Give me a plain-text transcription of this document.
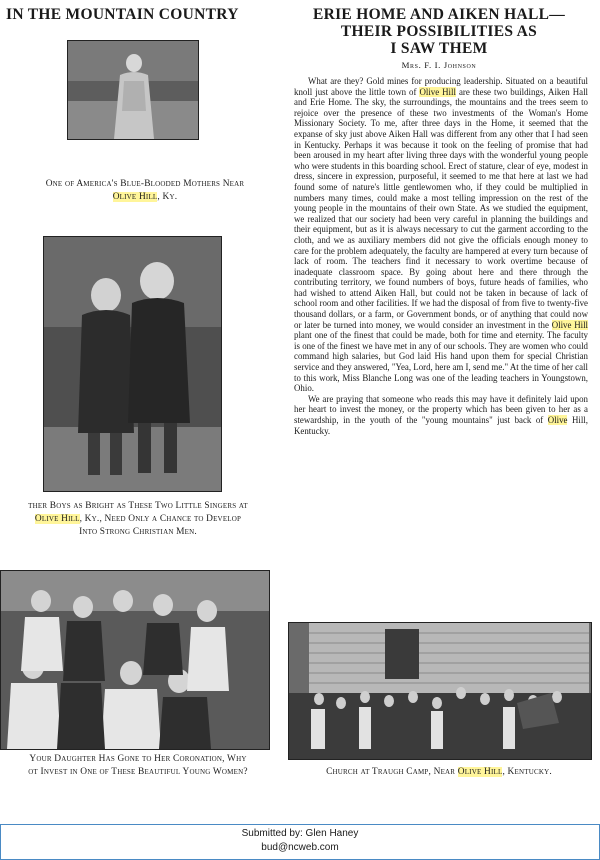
IN THE MOUNTAIN COUNTRY
One of America's Blue-Blooded Mothers Near
Olive Hill, Ky.
ther Boys as Bright as These Two Little Singers at
Olive Hill, Ky., Need Only a Chance to Develop
Into Strong Christian Men.
Your Daughter Has Gone to Her Coronation, Why
ot Invest in One of These Beautiful Young Women?
ERIE HOME AND AIKEN HALL—
THEIR POSSIBILITIES AS
I SAW THEM
Mrs. F. I. Johnson

What are they? Gold mines for producing leadership. Situated on a beautiful knoll just above the little town of Olive Hill are these two buildings, Aiken Hall and Erie Home. The sky, the surroundings, the mountains and the trees seem to rejoice over the presence of these two investments of the Woman's Home Missionary Society. To me, after three days in the Home, it seemed that the expanse of sky just above Aiken Hall was different from any other that I had seen in Kentucky. Perhaps it was because it took on the feeling of promise that had been aroused in my heart after living three days with the wonderful young people who were students in this boarding school. Erect of stature, clear of eye, modest in dress, sincere in expression, purposeful, it seemed to me that here at last we had found some of nature's little gentlewomen who, if they could be multiplied in numbers many times, could make a most telling impression on the rest of the young people in the mountains of their own State. As we studied the equipment, we realized that our society had been very careful in planning the buildings and their equipment, but as it is always necessary to cut the garment according to the cloth, and we as auxiliary members did not give the officials enough money to care for the problem adequately, the faculty are hampered at every turn because of lack of room. The teachers find it necessary to work overtime because of inadequate classroom space. By going about here and there through the contributing territory, we found numbers of boys, future heads of families, who had wished to attend Aiken Hall, but could not be taken in because of lack of school room and other facilities. If we had the disposal of from five to twenty-five thousand dollars, or a farm, or Government bonds, or of anything that could now or later be turned into money, we would consider an investment in the Olive Hill plant one of the finest that could be made, both for time and eternity. The faculty is one of the finest we have met in any of our schools. They are women who could command high salaries, but God laid His hand upon them for special Christian service and they answered, "Yea, Lord, here am I, send me." At the time of her call to this work, Miss Blanche Long was one of the leading teachers in Youngstown, Ohio.

We are praying that someone who reads this may have it definitely laid upon her heart to invest the money, or the property which has been given to her as a stewardship, in the youth of the "young mountains" just back of Olive Hill, Kentucky.

Church at Traugh Camp, Near Olive Hill, Kentucky.
Submitted by: Glen Haney
bud@ncweb.com
